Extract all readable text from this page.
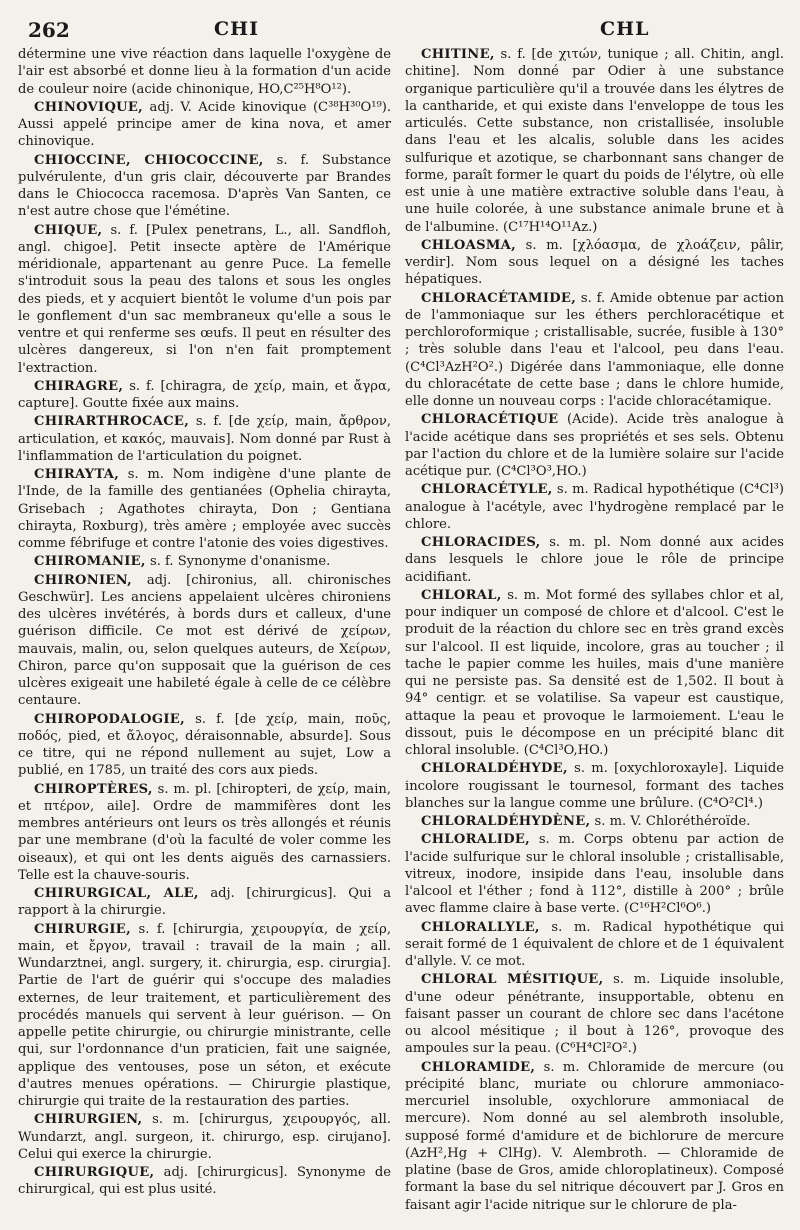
262	CHI	CHL

détermine une vive réaction dans laquelle l'oxygène de l'air est absorbé et donne lieu à la formation d'un acide de couleur noire (acide chinonique, HO,C²⁵H⁸O¹²).

CHINOVIQUE, adj. V. Acide kinovique (C³⁸H³⁰O¹⁹). Aussi appelé principe amer de kina nova, et amer chinovique.

CHIOCCINE, CHIOCOCCINE, s. f. Substance pulvérulente, d'un gris clair, découverte par Brandes dans le Chiococca racemosa. D'après Van Santen, ce n'est autre chose que l'émétine.

CHIQUE, s. f. [Pulex penetrans, L., all. Sandfloh, angl. chigoe]. Petit insecte aptère de l'Amérique méridionale, appartenant au genre Puce. La femelle s'introduit sous la peau des talons et sous les ongles des pieds, et y acquiert bientôt le volume d'un pois par le gonflement d'un sac membraneux qu'elle a sous le ventre et qui renferme ses œufs. Il peut en résulter des ulcères dangereux, si l'on n'en fait promptement l'extraction.

CHIRAGRE, s. f. [chiragra, de χείρ, main, et ἄγρα, capture]. Goutte fixée aux mains.

CHIRARTHROCACE, s. f. [de χείρ, main, ἄρθρον, articulation, et κακός, mauvais]. Nom donné par Rust à l'inflammation de l'articulation du poignet.

CHIRAYTA, s. m. Nom indigène d'une plante de l'Inde, de la famille des gentianées (Ophelia chirayta, Grisebach ; Agathotes chirayta, Don ; Gentiana chirayta, Roxburg), très amère ; employée avec succès comme fébrifuge et contre l'atonie des voies digestives.

CHIROMANIE, s. f. Synonyme d'onanisme.

CHIRONIEN, adj. [chironius, all. chironisches Geschwür]. Les anciens appelaient ulcères chironiens des ulcères invétérés, à bords durs et calleux, d'une guérison difficile. Ce mot est dérivé de χείρων, mauvais, malin, ou, selon quelques auteurs, de Χείρων, Chiron, parce qu'on supposait que la guérison de ces ulcères exigeait une habileté égale à celle de ce célèbre centaure.

CHIROPODALOGIE, s. f. [de χείρ, main, ποῦς, ποδός, pied, et ἄλογος, déraisonnable, absurde]. Sous ce titre, qui ne répond nullement au sujet, Low a publié, en 1785, un traité des cors aux pieds.

CHIROPTÈRES, s. m. pl. [chiropteri, de χείρ, main, et πτέρον, aile]. Ordre de mammifères dont les membres antérieurs ont leurs os très allongés et réunis par une membrane (d'où la faculté de voler comme les oiseaux), et qui ont les dents aiguës des carnassiers. Telle est la chauve-souris.

CHIRURGICAL, ALE, adj. [chirurgicus]. Qui a rapport à la chirurgie.

CHIRURGIE, s. f. [chirurgia, χειρουργία, de χείρ, main, et ἔργον, travail : travail de la main ; all. Wundarztnei, angl. surgery, it. chirurgia, esp. cirurgia]. Partie de l'art de guérir qui s'occupe des maladies externes, de leur traitement, et particulièrement des procédés manuels qui servent à leur guérison. — On appelle petite chirurgie, ou chirurgie ministrante, celle qui, sur l'ordonnance d'un praticien, fait une saignée, applique des ventouses, pose un séton, et exécute d'autres menues opérations. — Chirurgie plastique, chirurgie qui traite de la restauration des parties.

CHIRURGIEN, s. m. [chirurgus, χειρουργός, all. Wundarzt, angl. surgeon, it. chirurgo, esp. cirujano]. Celui qui exerce la chirurgie.

CHIRURGIQUE, adj. [chirurgicus]. Synonyme de chirurgical, qui est plus usité.

CHITINE, s. f. [de χιτών, tunique ; all. Chitin, angl. chitine]. Nom donné par Odier à une substance organique particulière qu'il a trouvée dans les élytres de la cantharide, et qui existe dans l'enveloppe de tous les articulés. Cette substance, non cristallisée, insoluble dans l'eau et les alcalis, soluble dans les acides sulfurique et azotique, se charbonnant sans changer de forme, paraît former le quart du poids de l'élytre, où elle est unie à une matière extractive soluble dans l'eau, à une huile colorée, à une substance animale brune et à de l'albumine. (C¹⁷H¹⁴O¹¹Az.)

CHLOASMA, s. m. [χλόασμα, de χλοάζειν, pâlir, verdir]. Nom sous lequel on a désigné les taches hépatiques.

CHLORACÉTAMIDE, s. f. Amide obtenue par action de l'ammoniaque sur les éthers perchloracétique et perchloroformique ; cristallisable, sucrée, fusible à 130° ; très soluble dans l'eau et l'alcool, peu dans l'eau. (C⁴Cl³AzH²O².) Digérée dans l'ammoniaque, elle donne du chloracétate de cette base ; dans le chlore humide, elle donne un nouveau corps : l'acide chloracétamique.

CHLORACÉTIQUE (Acide). Acide très analogue à l'acide acétique dans ses propriétés et ses sels. Obtenu par l'action du chlore et de la lumière solaire sur l'acide acétique pur. (C⁴Cl³O³,HO.)

CHLORACÉTYLE, s. m. Radical hypothétique (C⁴Cl³) analogue à l'acétyle, avec l'hydrogène remplacé par le chlore.

CHLORACIDES, s. m. pl. Nom donné aux acides dans lesquels le chlore joue le rôle de principe acidifiant.

CHLORAL, s. m. Mot formé des syllabes chlor et al, pour indiquer un composé de chlore et d'alcool. C'est le produit de la réaction du chlore sec en très grand excès sur l'alcool. Il est liquide, incolore, gras au toucher ; il tache le papier comme les huiles, mais d'une manière qui ne persiste pas. Sa densité est de 1,502. Il bout à 94° centigr. et se volatilise. Sa vapeur est caustique, attaque la peau et provoque le larmoiement. L'eau le dissout, puis le décompose en un précipité blanc dit chloral insoluble. (C⁴Cl³O,HO.)

CHLORALDÉHYDE, s. m. [oxychloroxayle]. Liquide incolore rougissant le tournesol, formant des taches blanches sur la langue comme une brûlure. (C⁴O²Cl⁴.)

CHLORALDÉHYDÈNE, s. m. V. Chloréthéroïde.

CHLORALIDE, s. m. Corps obtenu par action de l'acide sulfurique sur le chloral insoluble ; cristallisable, vitreux, inodore, insipide dans l'eau, insoluble dans l'alcool et l'éther ; fond à 112°, distille à 200° ; brûle avec flamme claire à base verte. (C¹⁶H²Cl⁶O⁶.)

CHLORALLYLE, s. m. Radical hypothétique qui serait formé de 1 équivalent de chlore et de 1 équivalent d'allyle. V. ce mot.

CHLORAL MÉSITIQUE, s. m. Liquide insoluble, d'une odeur pénétrante, insupportable, obtenu en faisant passer un courant de chlore sec dans l'acétone ou alcool mésitique ; il bout à 126°, provoque des ampoules sur la peau. (C⁶H⁴Cl²O².)

CHLORAMIDE, s. m. Chloramide de mercure (ou précipité blanc, muriate ou chlorure ammoniaco-mercuriel insoluble, oxychlorure ammoniacal de mercure). Nom donné au sel alembroth insoluble, supposé formé d'amidure et de bichlorure de mercure (AzH²,Hg + ClHg). V. Alembroth. — Chloramide de platine (base de Gros, amide chloroplatineux). Composé formant la base du sel nitrique découvert par J. Gros en faisant agir l'acide nitrique sur le chlorure de pla-
